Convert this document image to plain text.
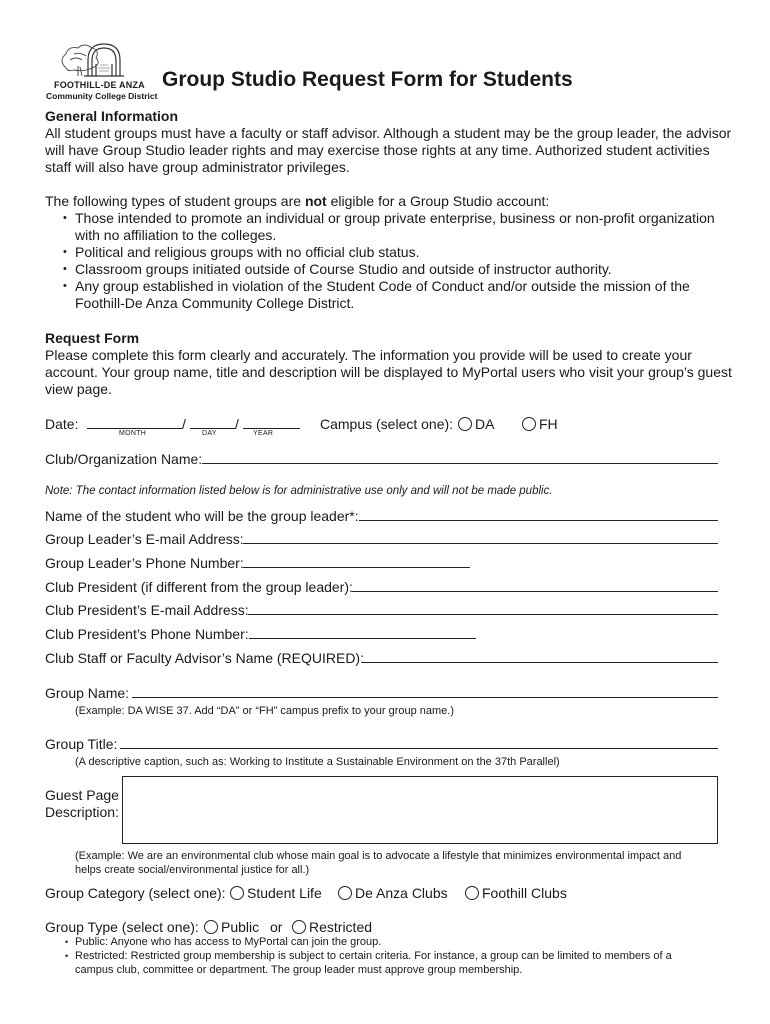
FOOTHILL-DE ANZA
Community College District
Group Studio Request Form for Students
General Information
All student groups must have a faculty or staff advisor. Although a student may be the group leader, the advisor
will have Group Studio leader rights and may exercise those rights at any time. Authorized student activities
staff will also have group administrator privileges.
The following types of student groups are not eligible for a Group Studio account:
• Those intended to promote an individual or group private enterprise, business or non-profit organization
with no affiliation to the colleges.
• Political and religious groups with no official club status.
• Classroom groups initiated outside of Course Studio and outside of instructor authority.
• Any group established in violation of the Student Code of Conduct and/or outside the mission of the
Foothill-De Anza Community College District.
Request Form
Please complete this form clearly and accurately. The information you provide will be used to create your
account. Your group name, title and description will be displayed to MyPortal users who visit your group’s guest
view page.
Date:	/	/
MONTH	DAY	YEAR
Campus (select one):	DA	FH
Club/Organization Name:
Note: The contact information listed below is for administrative use only and will not be made public.
Name of the student who will be the group leader*:
Group Leader’s E-mail Address:
Group Leader’s Phone Number:
Club President (if different from the group leader):
Club President’s E-mail Address:
Club President’s Phone Number:
Club Staff or Faculty Advisor’s Name (REQUIRED):
Group Name:
(Example: DA WISE 37. Add “DA” or “FH” campus prefix to your group name.)
Group Title:
(A descriptive caption, such as: Working to Institute a Sustainable Environment on the 37th Parallel)
Guest Page
Description:
(Example: We are an environmental club whose main goal is to advocate a lifestyle that minimizes environmental impact and
helps create social/environmental justice for all.)
Group Category (select one):	Student Life	De Anza Clubs	Foothill Clubs
Group Type (select one):	Public or	Restricted
• Public: Anyone who has access to MyPortal can join the group.
• Restricted: Restricted group membership is subject to certain criteria. For instance, a group can be limited to members of a
campus club, committee or department. The group leader must approve group membership.
